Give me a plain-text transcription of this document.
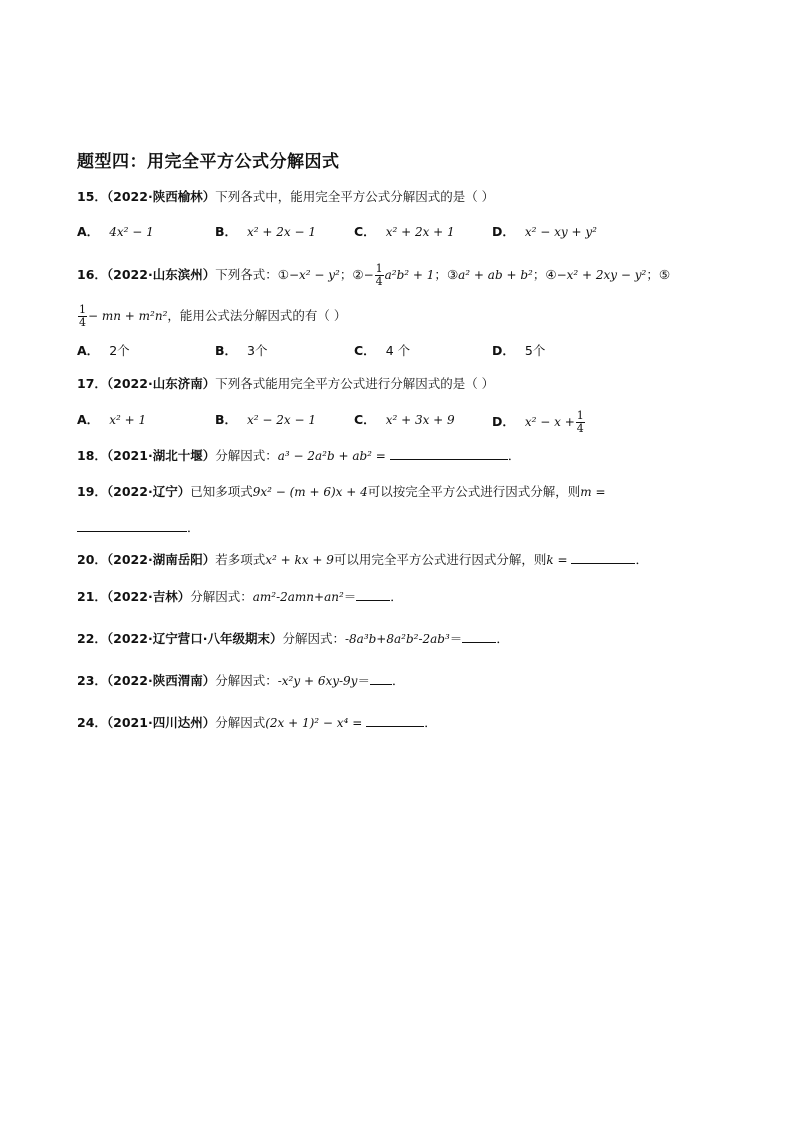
题型四：用完全平方公式分解因式
15．（2022·陕西榆林）下列各式中，能用完全平方公式分解因式的是（ ）
A． 4x² − 1	B． x² + 2x − 1	C． x² + 2x + 1	D． x² − xy + y²
16．（2022·山东滨州）下列各式：①−x² − y²；②− $\frac{1}{4} a^2b^2 + 1$；③a² + ab + b²；④−x² + 2xy − y²；⑤
$\frac{1}{4}$ − mn + m²n²，能用公式法分解因式的有（ ）
A． 2个	B． 3个	C． 4 个	D． 5个
17．（2022·山东济南）下列各式能用完全平方公式进行分解因式的是（ ）
A． x² + 1	B． x² − 2x − 1	C． x² + 3x + 9	D． $x^2 - x + \frac{1}{4}$
18．（2021·湖北十堰）分解因式：a³ − 2a²b + ab² =	．
19．（2022·辽宁）已知多项式9x² − (m + 6)x + 4可以按完全平方公式进行因式分解，则m =
．
20．（2022·湖南岳阳）若多项式x² + kx + 9可以用完全平方公式进行因式分解，则k =	．
21．（2022·吉林）分解因式：am²-2amn+an²＝	．
22．（2022·辽宁营口·八年级期末）分解因式：-8a³b+8a²b²-2ab³＝	．
23．（2022·陕西渭南）分解因式：-x²y + 6xy-9y＝ ．
24．（2021·四川达州）分解因式(2x + 1)² − x⁴ =	．
